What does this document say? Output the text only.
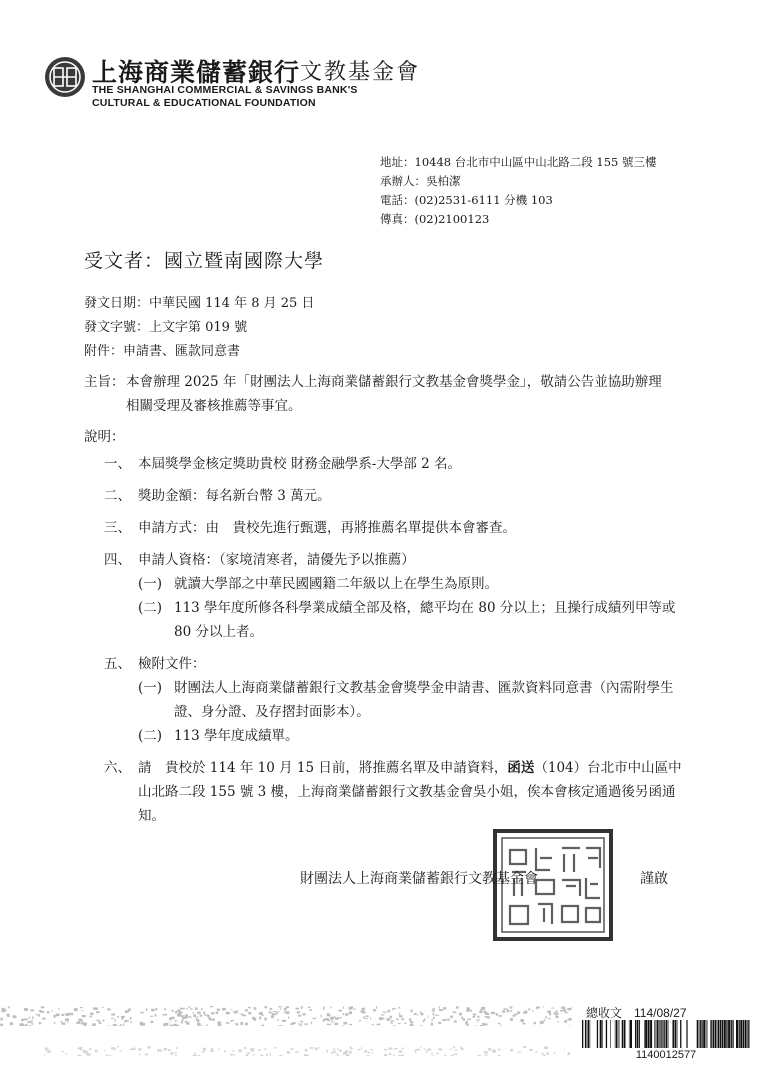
上海商業儲蓄銀行 文教基金會
THE SHANGHAI COMMERCIAL & SAVINGS BANK'S
CULTURAL & EDUCATIONAL FOUNDATION
地址：10448 台北市中山區中山北路二段 155 號三樓
承辦人：吳柏潔
電話：(02)2531-6111 分機 103
傳真：(02)2100123
受文者：國立暨南國際大學
發文日期：中華民國 114 年 8 月 25 日
發文字號：上文字第 019 號
附件：申請書、匯款同意書
主旨： 本會辦理 2025 年「財團法人上海商業儲蓄銀行文教基金會獎學金」，敬請公告並協助辦理相關受理及審核推薦等事宜。
說明：
一、 本屆獎學金核定獎助貴校 財務金融學系-大學部 2 名。
二、 獎助金額：每名新台幣 3 萬元。
三、 申請方式：由　貴校先進行甄選，再將推薦名單提供本會審查。
四、 申請人資格：（家境清寒者，請優先予以推薦）
(一) 就讀大學部之中華民國國籍二年級以上在學生為原則。
(二) 113 學年度所修各科學業成績全部及格，總平均在 80 分以上；且操行成績列甲等或 80 分以上者。
五、 檢附文件：
(一) 財團法人上海商業儲蓄銀行文教基金會獎學金申請書、匯款資料同意書（內需附學生證、身分證、及存摺封面影本）。
(二) 113 學年度成績單。
六、 請　貴校於 114 年 10 月 15 日前，將推薦名單及申請資料，函送（104）台北市中山區中山北路二段 155 號 3 樓，上海商業儲蓄銀行文教基金會吳小姐，俟本會核定通過後另函通知。
財團法人上海商業儲蓄銀行文教基金會	謹啟
總收文 114/08/27
1140012577
